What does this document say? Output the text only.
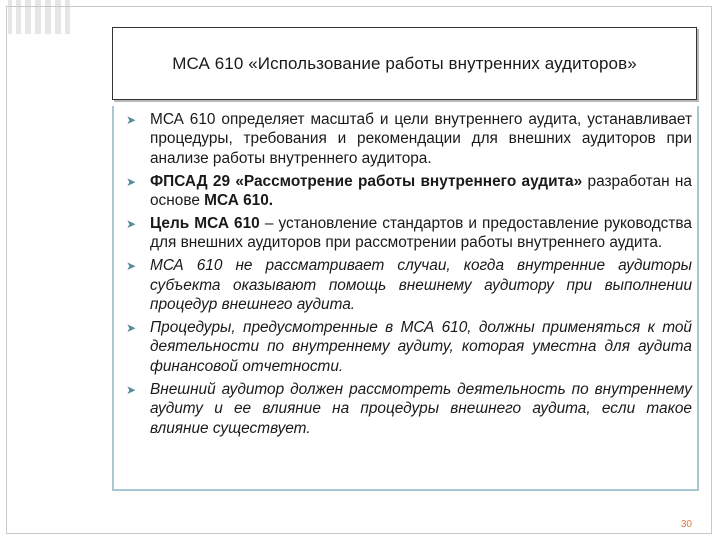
МСА 610 «Использование работы внутренних аудиторов»
➤ МСА 610 определяет масштаб и цели внутреннего аудита, устанавливает процедуры, требования и рекомендации для внешних аудиторов при анализе работы внутреннего аудитора.
➤ ФПСАД 29 «Рассмотрение работы внутреннего аудита» разработан на основе МСА 610.
➤ Цель МСА 610 – установление стандартов и предоставление руководства для внешних аудиторов при рассмотрении работы внутреннего аудита.
➤ МСА 610 не рассматривает случаи, когда внутренние аудиторы субъекта оказывают помощь внешнему аудитору при выполнении процедур внешнего аудита.
➤ Процедуры, предусмотренные в МСА 610, должны применяться к той деятельности по внутреннему аудиту, которая уместна для аудита финансовой отчетности.
➤ Внешний аудитор должен рассмотреть деятельность по внутреннему аудиту и ее влияние на процедуры внешнего аудита, если такое влияние существует.
30
